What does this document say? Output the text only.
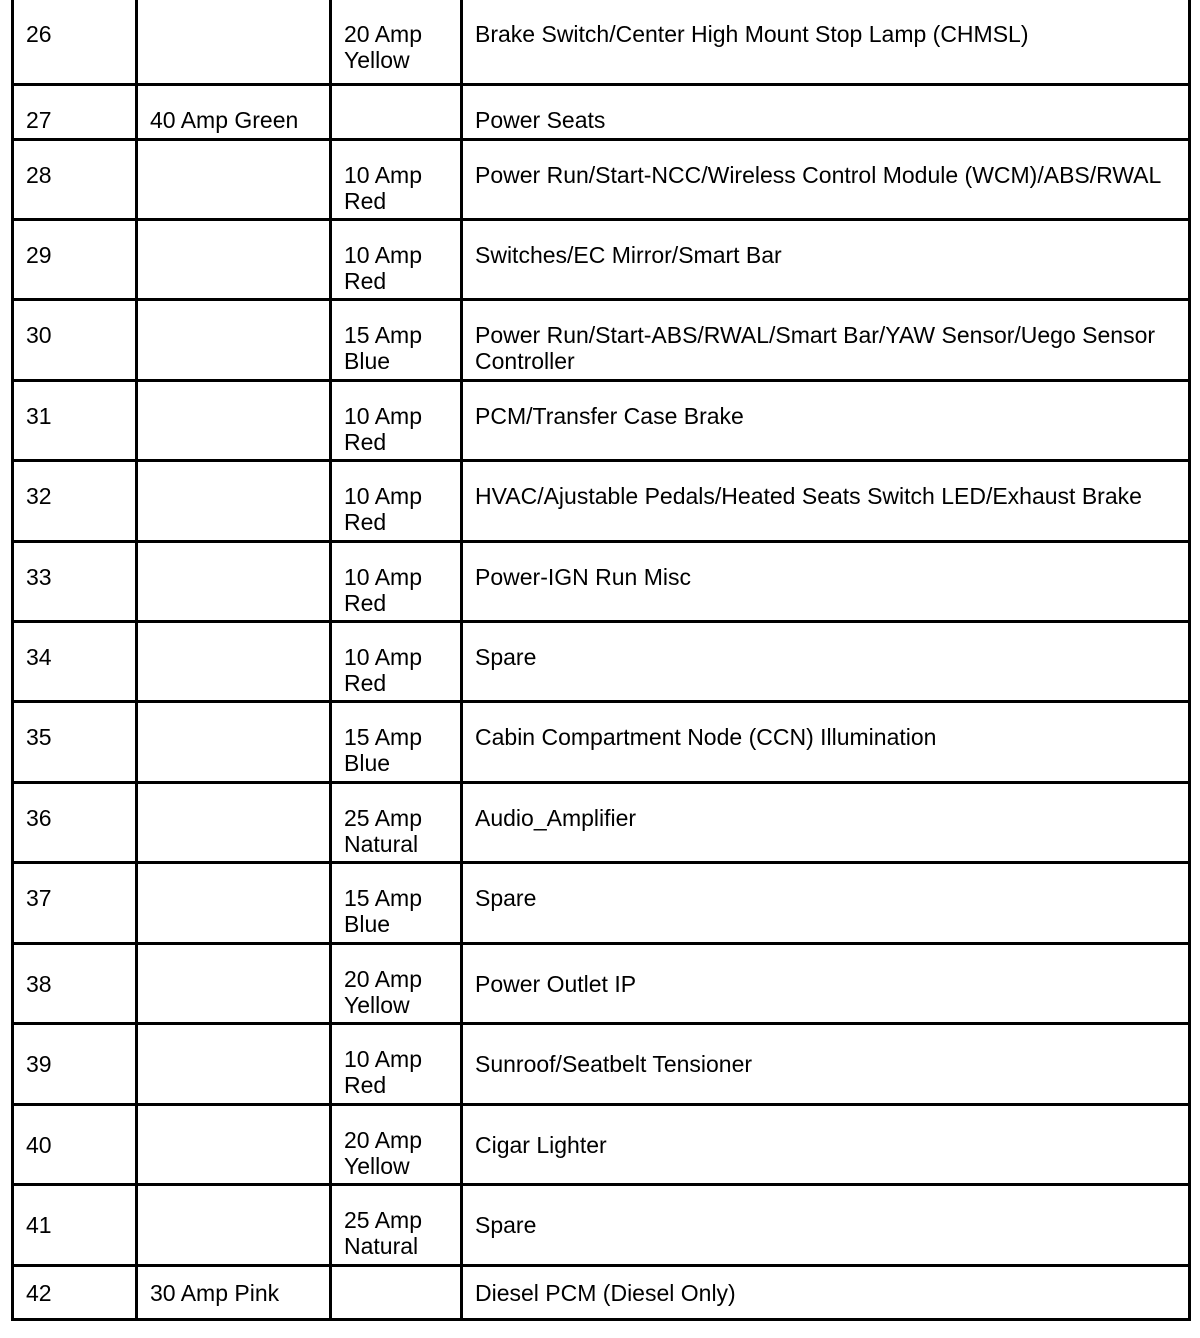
26		20 Amp Yellow	Brake Switch/Center High Mount Stop Lamp (CHMSL)
27	40 Amp Green		Power Seats
28		10 Amp Red	Power Run/Start-NCC/Wireless Control Module (WCM)/ABS/RWAL
29		10 Amp Red	Switches/EC Mirror/Smart Bar
30		15 Amp Blue	Power Run/Start-ABS/RWAL/Smart Bar/YAW Sensor/Uego Sensor Controller
31		10 Amp Red	PCM/Transfer Case Brake
32		10 Amp Red	HVAC/Ajustable Pedals/Heated Seats Switch LED/Exhaust Brake
33		10 Amp Red	Power-IGN Run Misc
34		10 Amp Red	Spare
35		15 Amp Blue	Cabin Compartment Node (CCN) Illumination
36		25 Amp Natural	Audio_Amplifier
37		15 Amp Blue	Spare
38		20 Amp Yellow	Power Outlet IP
39		10 Amp Red	Sunroof/Seatbelt Tensioner
40		20 Amp Yellow	Cigar Lighter
41		25 Amp Natural	Spare
42	30 Amp Pink		Diesel PCM (Diesel Only)
